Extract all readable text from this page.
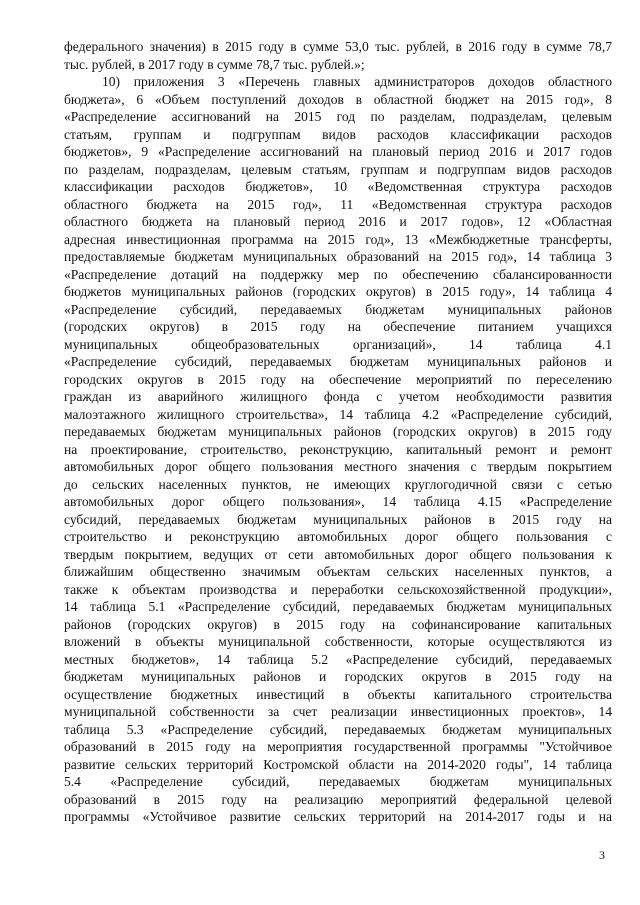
федерального значения) в 2015 году в сумме 53,0 тыс. рублей, в 2016 году в сумме 78,7
тыс. рублей, в 2017 году в сумме 78,7 тыс. рублей.»;
10) приложения 3 «Перечень главных администраторов доходов областного
бюджета», 6 «Объем поступлений доходов в областной бюджет на 2015 год», 8
«Распределение ассигнований на 2015 год по разделам, подразделам, целевым
статьям, группам и подгруппам видов расходов классификации расходов
бюджетов», 9 «Распределение ассигнований на плановый период 2016 и 2017 годов
по разделам, подразделам, целевым статьям, группам и подгруппам видов расходов
классификации расходов бюджетов», 10 «Ведомственная структура расходов
областного бюджета на 2015 год», 11 «Ведомственная структура расходов
областного бюджета на плановый период 2016 и 2017 годов», 12 «Областная
адресная инвестиционная программа на 2015 год», 13 «Межбюджетные трансферты,
предоставляемые бюджетам муниципальных образований на 2015 год», 14 таблица 3
«Распределение дотаций на поддержку мер по обеспечению сбалансированности
бюджетов муниципальных районов (городских округов) в 2015 году», 14 таблица 4
«Распределение субсидий, передаваемых бюджетам муниципальных районов
(городских округов) в 2015 году на обеспечение питанием учащихся
муниципальных общеобразовательных организаций», 14 таблица 4.1
«Распределение субсидий, передаваемых бюджетам муниципальных районов и
городских округов в 2015 году на обеспечение мероприятий по переселению
граждан из аварийного жилищного фонда с учетом необходимости развития
малоэтажного жилищного строительства», 14 таблица 4.2 «Распределение субсидий,
передаваемых бюджетам муниципальных районов (городских округов) в 2015 году
на проектирование, строительство, реконструкцию, капитальный ремонт и ремонт
автомобильных дорог общего пользования местного значения с твердым покрытием
до сельских населенных пунктов, не имеющих круглогодичной связи с сетью
автомобильных дорог общего пользования», 14 таблица 4.15 «Распределение
субсидий, передаваемых бюджетам муниципальных районов в 2015 году на
строительство и реконструкцию автомобильных дорог общего пользования с
твердым покрытием, ведущих от сети автомобильных дорог общего пользования к
ближайшим общественно значимым объектам сельских населенных пунктов, а
также к объектам производства и переработки сельскохозяйственной продукции»,
14 таблица 5.1 «Распределение субсидий, передаваемых бюджетам муниципальных
районов (городских округов) в 2015 году на софинансирование капитальных
вложений в объекты муниципальной собственности, которые осуществляются из
местных бюджетов», 14 таблица 5.2 «Распределение субсидий, передаваемых
бюджетам муниципальных районов и городских округов в 2015 году на
осуществление бюджетных инвестиций в объекты капитального строительства
муниципальной собственности за счет реализации инвестиционных проектов», 14
таблица 5.3 «Распределение субсидий, передаваемых бюджетам муниципальных
образований в 2015 году на мероприятия государственной программы "Устойчивое
развитие сельских территорий Костромской области на 2014-2020 годы", 14 таблица
5.4 «Распределение субсидий, передаваемых бюджетам муниципальных
образований в 2015 году на реализацию мероприятий федеральной целевой
программы «Устойчивое развитие сельских территорий на 2014-2017 годы и на
3
